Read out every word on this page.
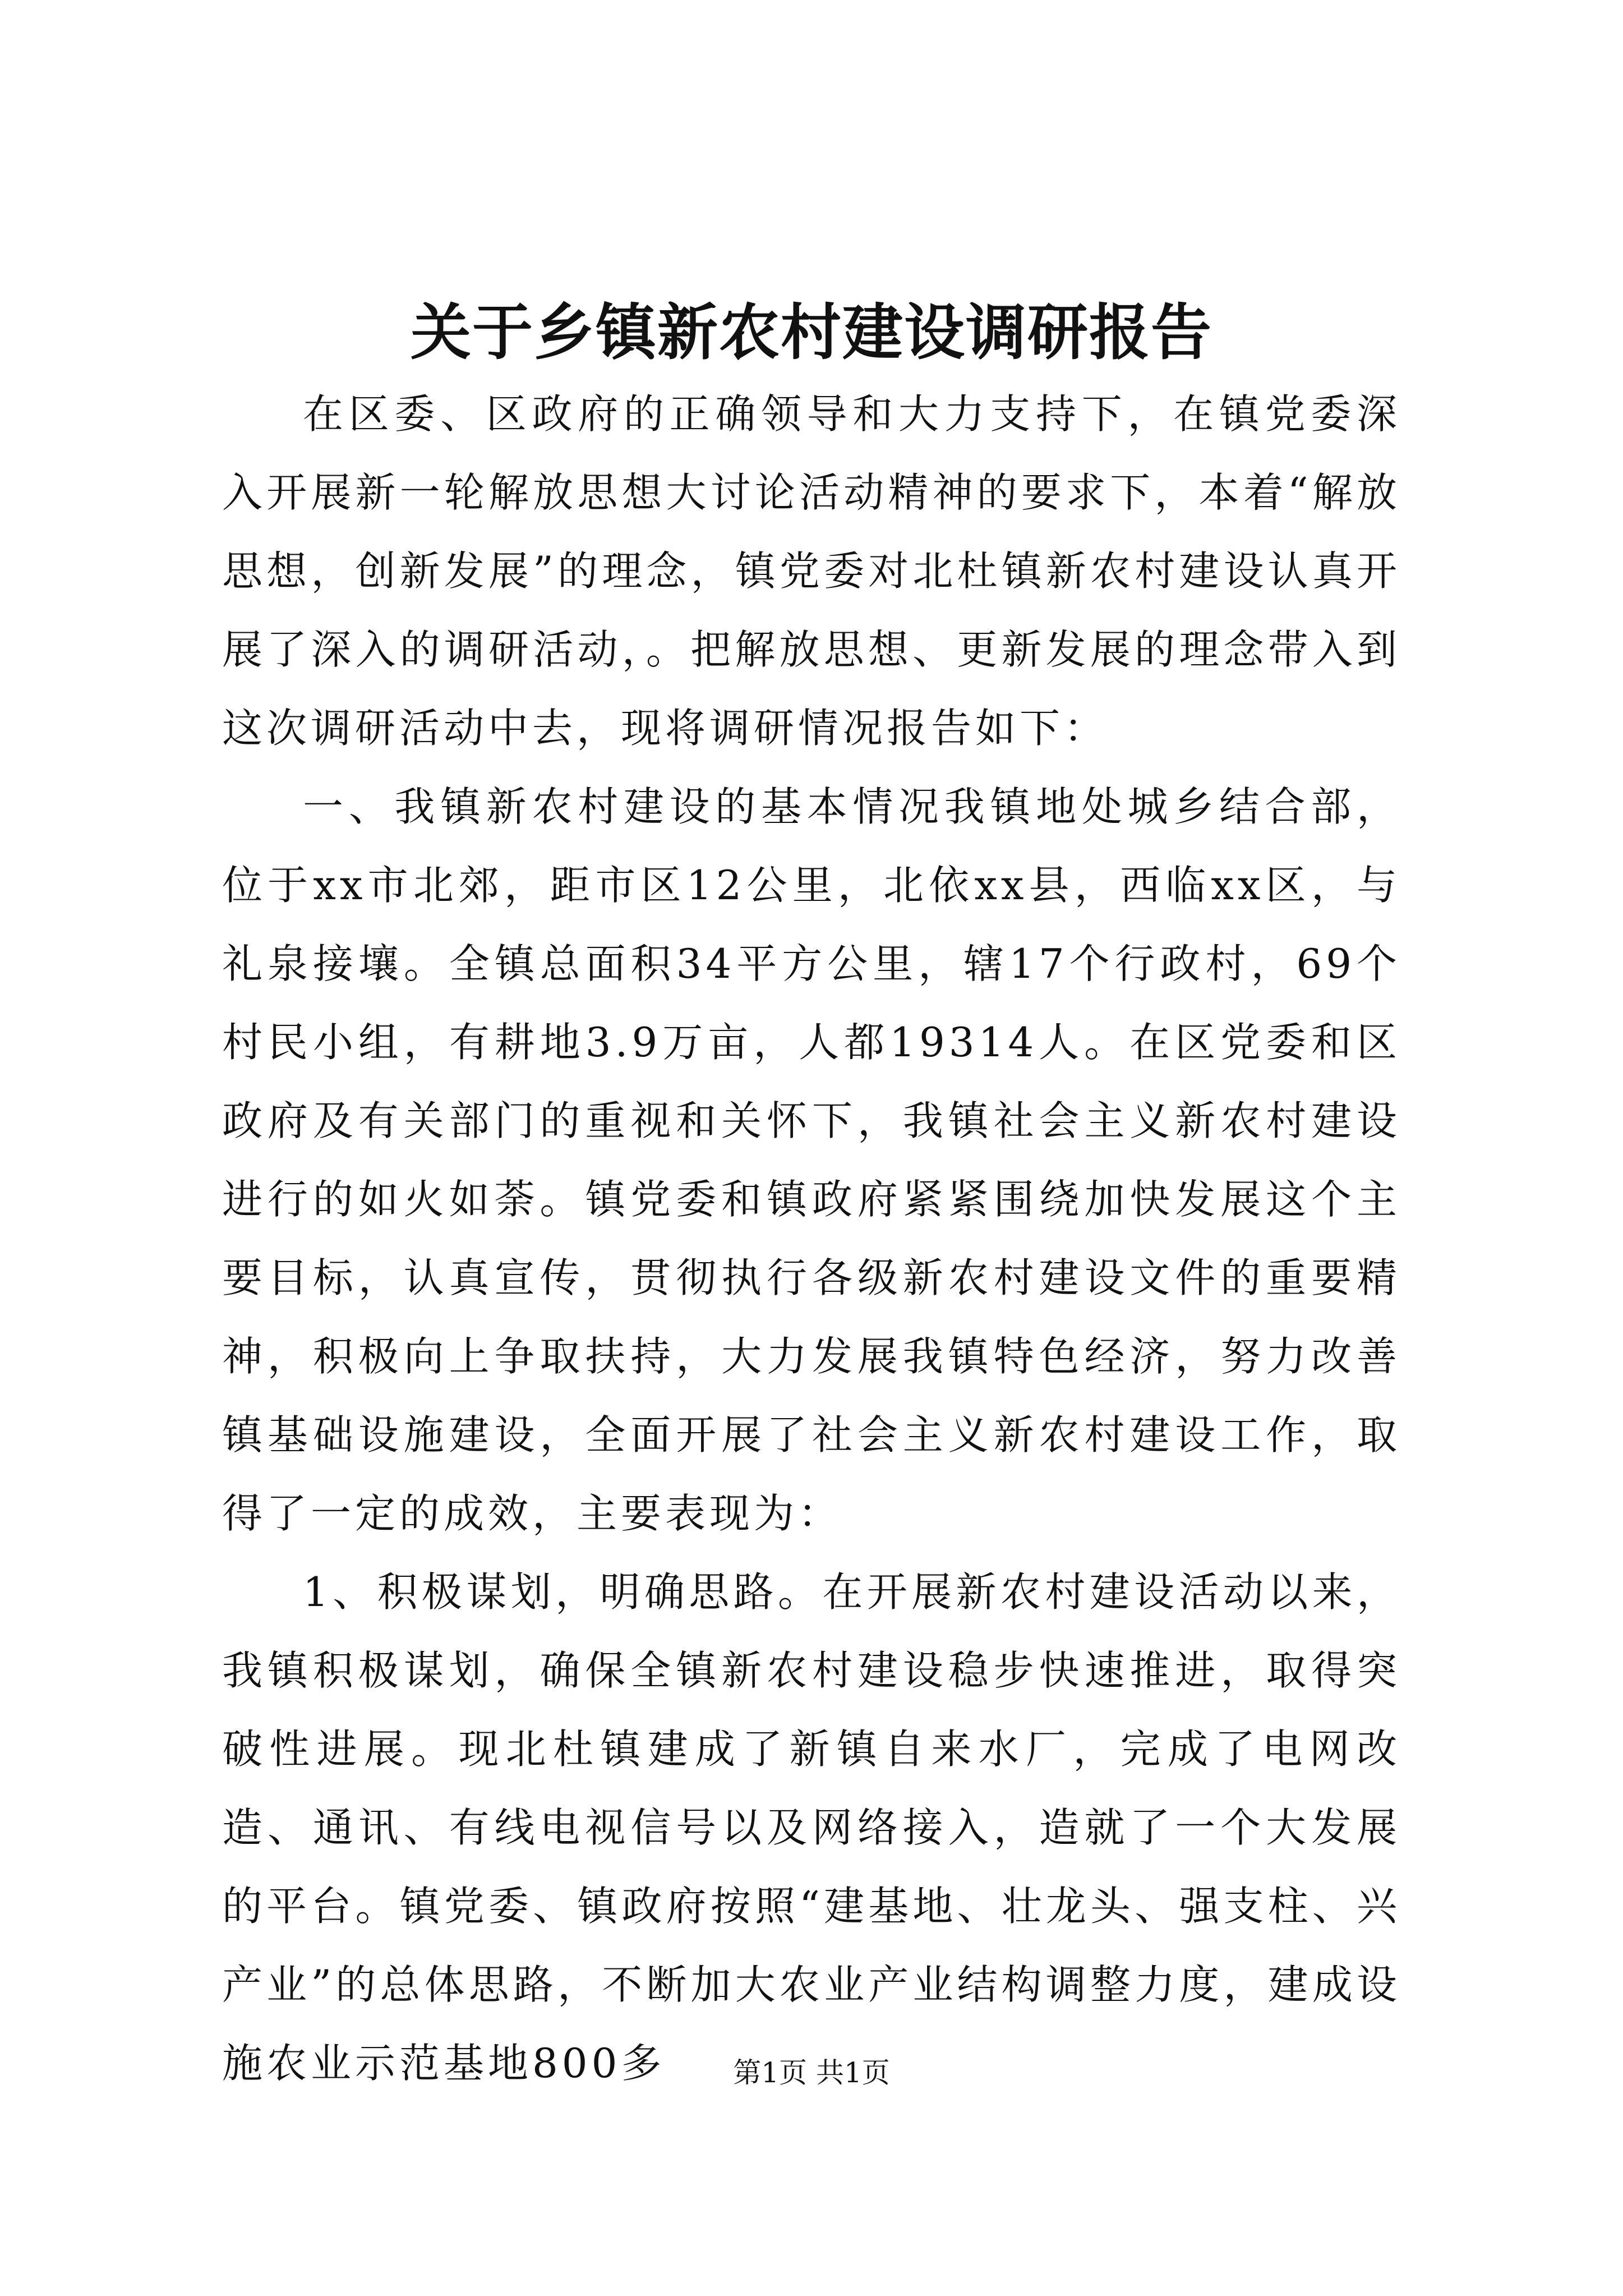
关于乡镇新农村建设调研报告

在区委、区政府的正确领导和大力支持下，在镇党委深入开展新一轮解放思想大讨论活动精神的要求下，本着“解放思想，创新发展”的理念，镇党委对北杜镇新农村建设认真开展了深入的调研活动，。把解放思想、更新发展的理念带入到这次调研活动中去，现将调研情况报告如下：

一、我镇新农村建设的基本情况我镇地处城乡结合部，位于xx市北郊，距市区12公里，北依xx县，西临xx区，与礼泉接壤。全镇总面积34平方公里，辖17个行政村，69个村民小组，有耕地3.9万亩，人都19314人。在区党委和区政府及有关部门的重视和关怀下，我镇社会主义新农村建设进行的如火如荼。镇党委和镇政府紧紧围绕加快发展这个主要目标，认真宣传，贯彻执行各级新农村建设文件的重要精神，积极向上争取扶持，大力发展我镇特色经济，努力改善镇基础设施建设，全面开展了社会主义新农村建设工作，取得了一定的成效，主要表现为：

1、积极谋划，明确思路。在开展新农村建设活动以来，我镇积极谋划，确保全镇新农村建设稳步快速推进，取得突破性进展。现北杜镇建成了新镇自来水厂，完成了电网改造、通讯、有线电视信号以及网络接入，造就了一个大发展的平台。镇党委、镇政府按照“建基地、壮龙头、强支柱、兴产业”的总体思路，不断加大农业产业结构调整力度，建成设施农业示范基地800多	第1页 共1页
